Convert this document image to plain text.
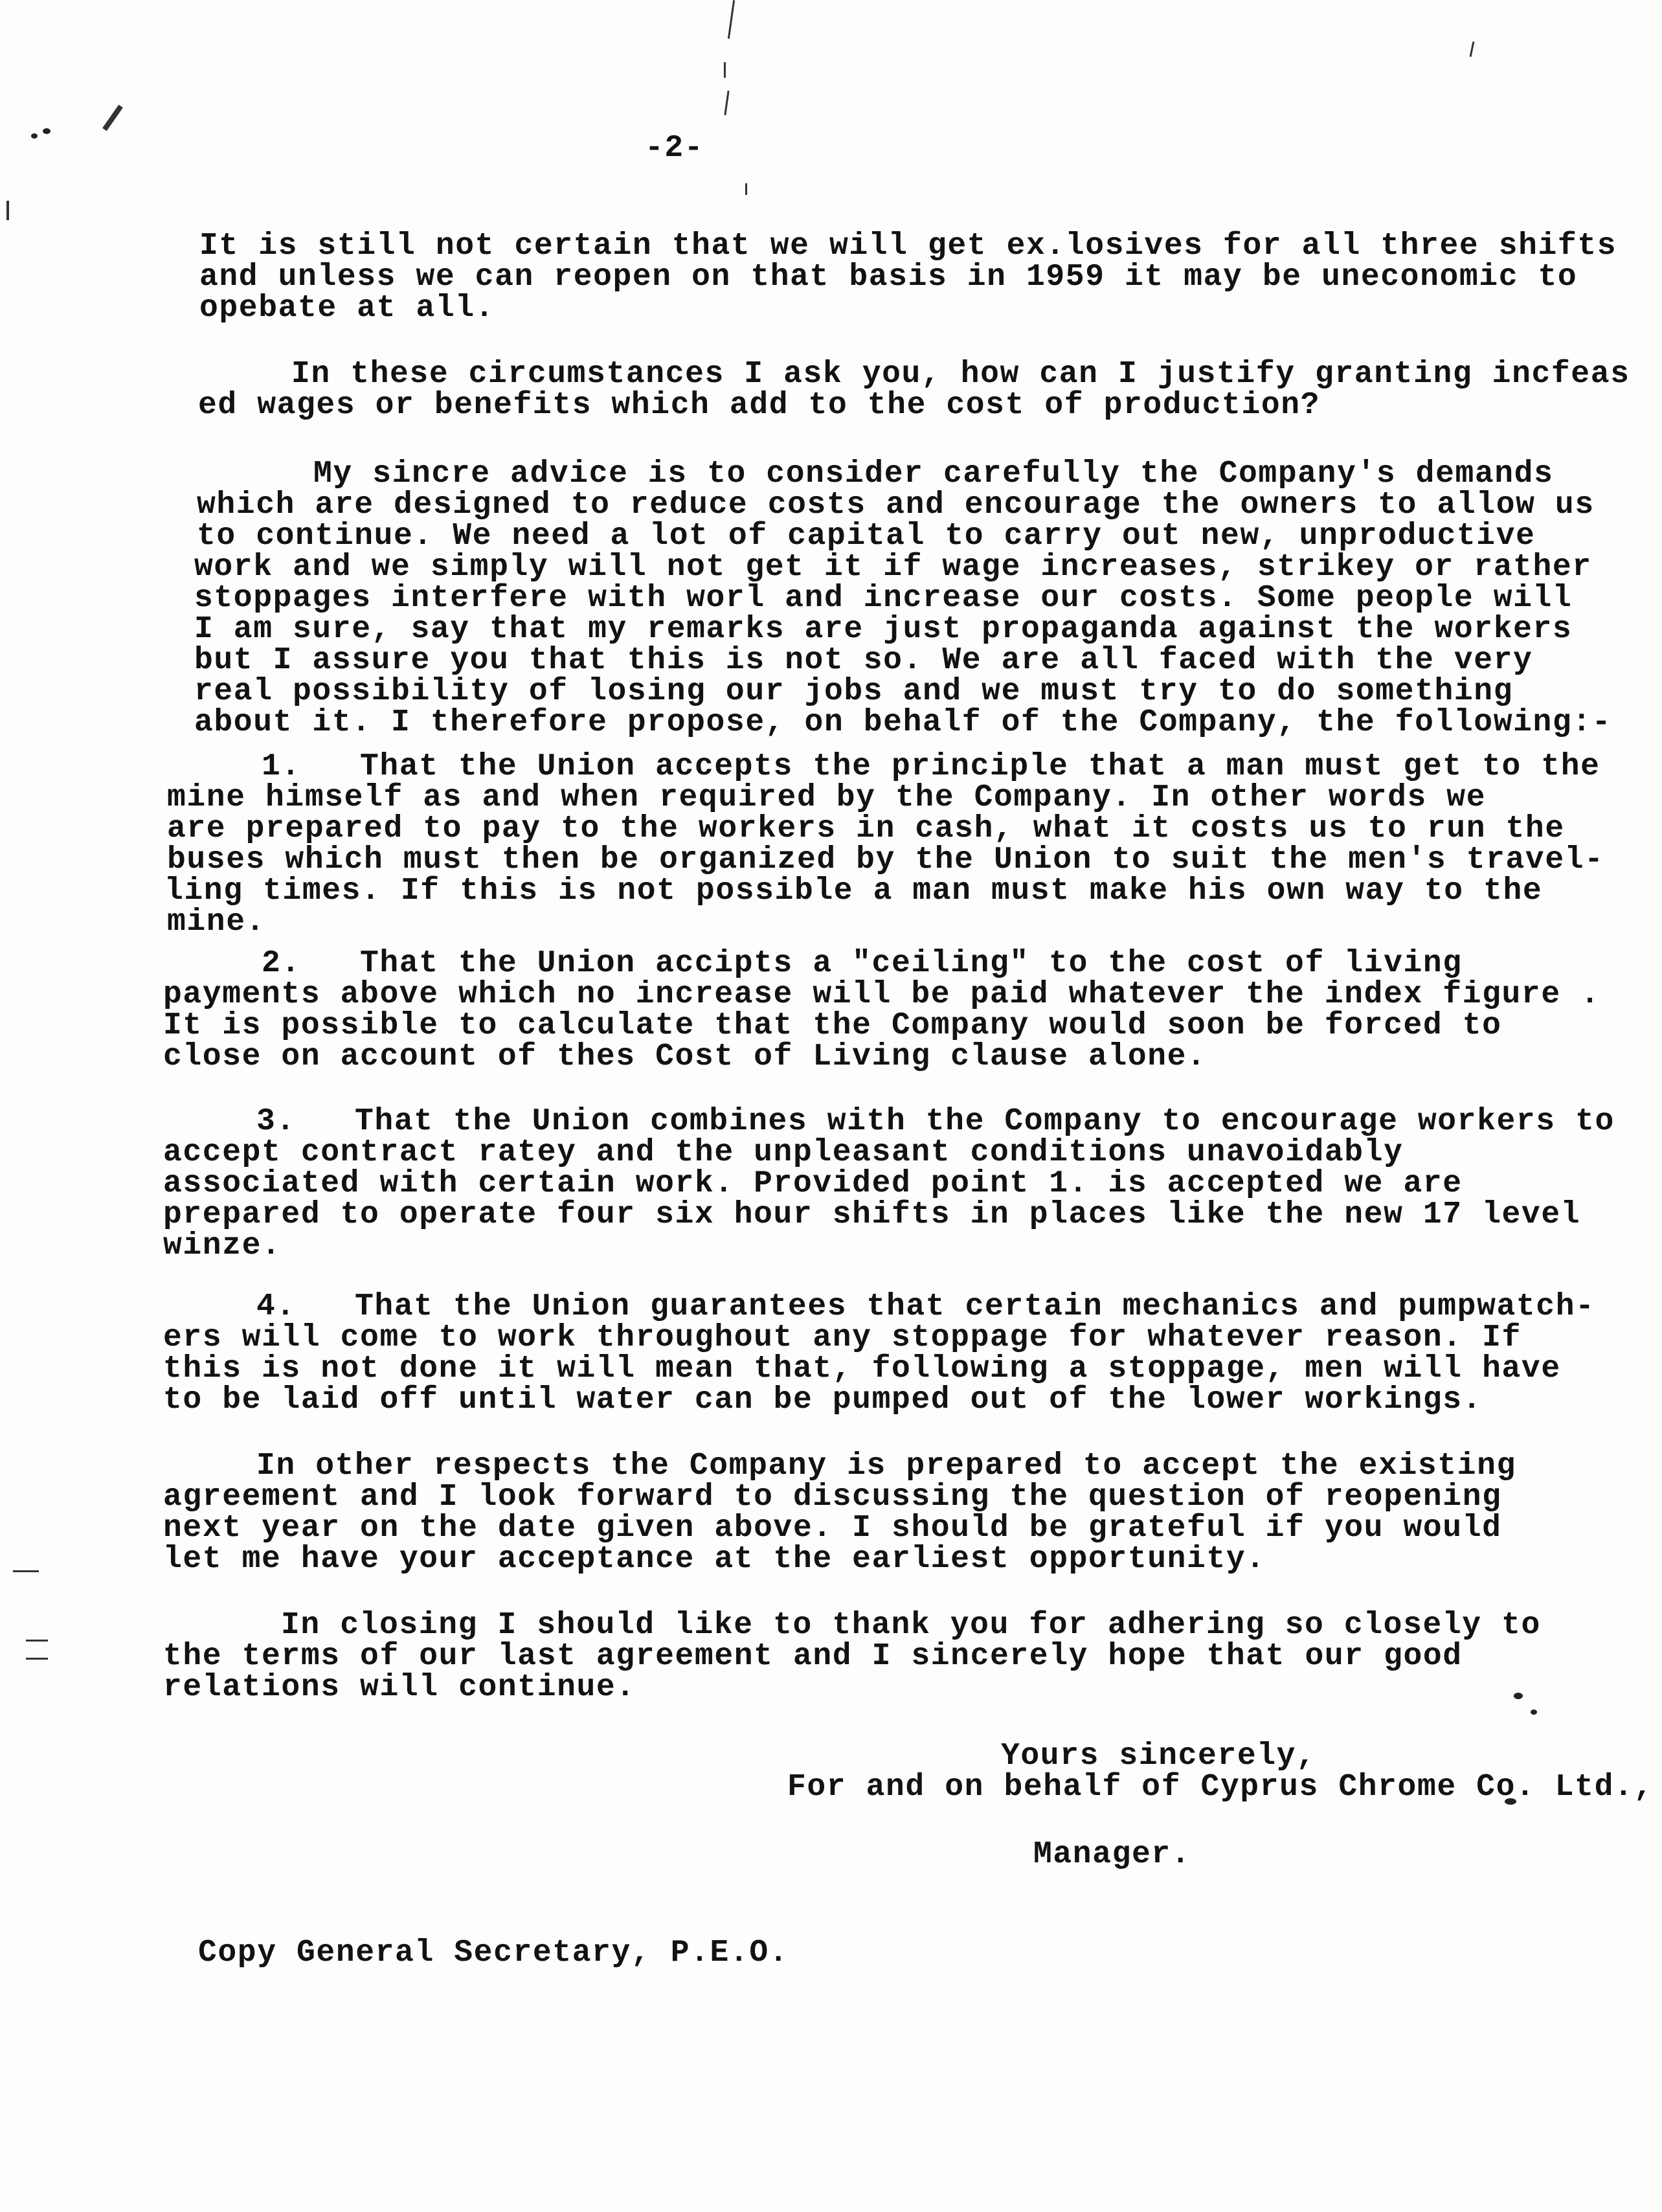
-2-
It is still not certain that we will get ex.losives for all three shifts
and unless we can reopen on that basis in 1959 it may be uneconomic to
opebate at all.
In these circumstances I ask you, how can I justify granting incfeas
ed wages or benefits which add to the cost of production?
My sincre advice is to consider carefully the Company's demands
which are designed to reduce costs and encourage the owners to allow us
to continue. We need a lot of capital to carry out new, unproductive
work and we simply will not get it if wage increases, strikey or rather
stoppages interfere with worl and increase our costs. Some people will
I am sure, say that my remarks are just propaganda against the workers
but I assure you that this is not so. We are all faced with the very
real possibility of losing our jobs and we must try to do something
about it. I therefore propose, on behalf of the Company, the following:-
1.   That the Union accepts the principle that a man must get to the
mine himself as and when required by the Company. In other words we
are prepared to pay to the workers in cash, what it costs us to run the
buses which must then be organized by the Union to suit the men's travel-
ling times. If this is not possible a man must make his own way to the
mine.
2.   That the Union accipts a "ceiling" to the cost of living
payments above which no increase will be paid whatever the index figure .
It is possible to calculate that the Company would soon be forced to
close on account of thes Cost of Living clause alone.
3.   That the Union combines with the Company to encourage workers to
accept contract ratey and the unpleasant conditions unavoidably
associated with certain work. Provided point 1. is accepted we are
prepared to operate four six hour shifts in places like the new 17 level
winze.
4.   That the Union guarantees that certain mechanics and pumpwatch-
ers will come to work throughout any stoppage for whatever reason. If
this is not done it will mean that, following a stoppage, men will have
to be laid off until water can be pumped out of the lower workings.
In other respects the Company is prepared to accept the existing
agreement and I look forward to discussing the question of reopening
next year on the date given above. I should be grateful if you would
let me have your acceptance at the earliest opportunity.
In closing I should like to thank you for adhering so closely to
the terms of our last agreement and I sincerely hope that our good
relations will continue.
Yours sincerely,
For and on behalf of Cyprus Chrome Co. Ltd.,
Manager.
Copy General Secretary, P.E.O.
